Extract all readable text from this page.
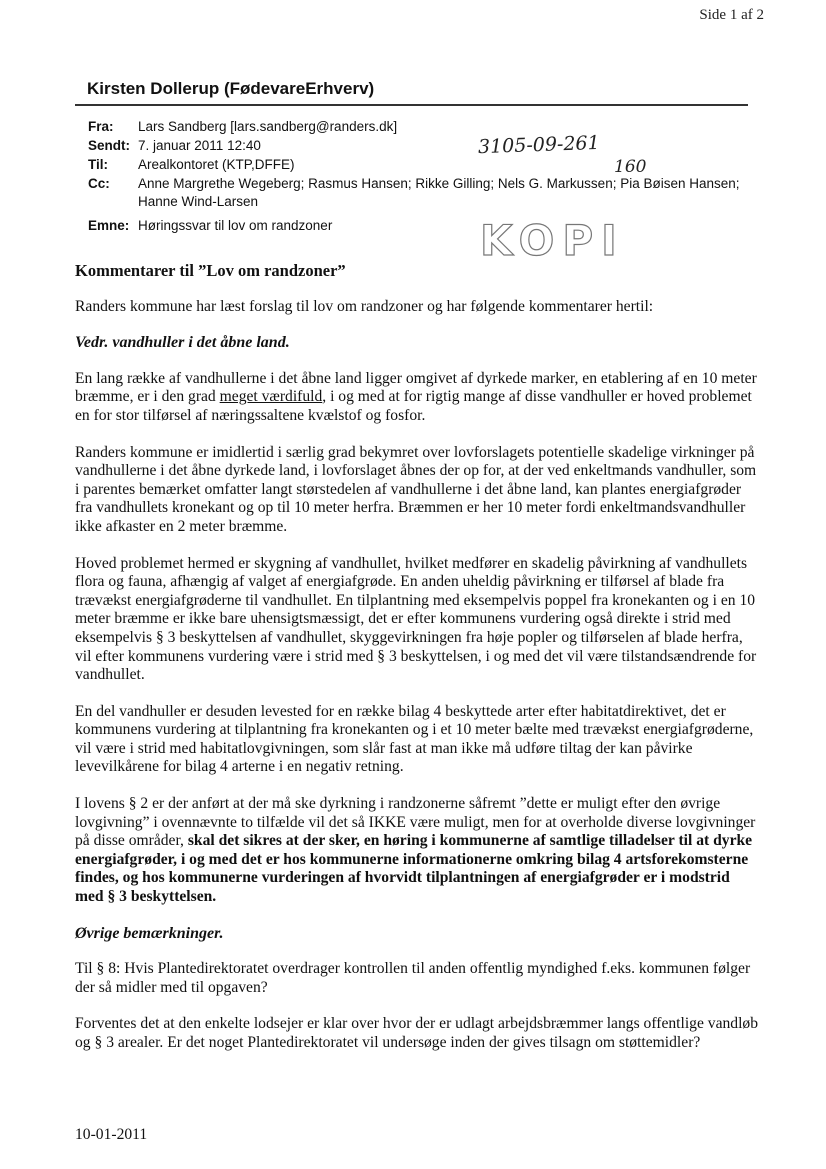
Side 1 af 2
Kirsten Dollerup (FødevareErhverv)
Fra:	Lars Sandberg [lars.sandberg@randers.dk]
Sendt: 7. januar 2011 12:40
Til:	Arealkontoret (KTP,DFFE)
Cc:	Anne Margrethe Wegeberg; Rasmus Hansen; Rikke Gilling; Nels G. Markussen; Pia Bøisen Hansen; Hanne Wind-Larsen
Emne: Høringssvar til lov om randzoner
3105-09-261
160
KOPI
Kommentarer til ”Lov om randzoner”

Randers kommune har læst forslag til lov om randzoner og har følgende kommentarer hertil:

Vedr. vandhuller i det åbne land.

En lang række af vandhullerne i det åbne land ligger omgivet af dyrkede marker, en etablering af en 10 meter bræmme, er i den grad meget værdifuld, i og med at for rigtig mange af disse vandhuller er hoved problemet en for stor tilførsel af næringssaltene kvælstof og fosfor.

Randers kommune er imidlertid i særlig grad bekymret over lovforslagets potentielle skadelige virkninger på vandhullerne i det åbne dyrkede land, i lovforslaget åbnes der op for, at der ved enkeltmands vandhuller, som i parentes bemærket omfatter langt størstedelen af vandhullerne i det åbne land, kan plantes energiafgrøder fra vandhullets kronekant og op til 10 meter herfra. Bræmmen er her 10 meter fordi enkeltmandsvandhuller ikke afkaster en 2 meter bræmme.

Hoved problemet hermed er skygning af vandhullet, hvilket medfører en skadelig påvirkning af vandhullets flora og fauna, afhængig af valget af energiafgrøde. En anden uheldig påvirkning er tilførsel af blade fra trævækst energiafgrøderne til vandhullet. En tilplantning med eksempelvis poppel fra kronekanten og i en 10 meter bræmme er ikke bare uhensigtsmæssigt, det er efter kommunens vurdering også direkte i strid med eksempelvis § 3 beskyttelsen af vandhullet, skyggevirkningen fra høje popler og tilførselen af blade herfra, vil efter kommunens vurdering være i strid med § 3 beskyttelsen, i og med det vil være tilstandsændrende for vandhullet.

En del vandhuller er desuden levested for en række bilag 4 beskyttede arter efter habitatdirektivet, det er kommunens vurdering at tilplantning fra kronekanten og i et 10 meter bælte med trævækst energiafgrøderne, vil være i strid med habitatlovgivningen, som slår fast at man ikke må udføre tiltag der kan påvirke levevilkårene for bilag 4 arterne i en negativ retning.

I lovens § 2 er der anført at der må ske dyrkning i randzonerne såfremt ”dette er muligt efter den øvrige lovgivning” i ovennævnte to tilfælde vil det så IKKE være muligt, men for at overholde diverse lovgivninger på disse områder, skal det sikres at der sker, en høring i kommunerne af samtlige tilladelser til at dyrke energiafgrøder, i og med det er hos kommunerne informationerne omkring bilag 4 artsforekomsterne findes, og hos kommunerne vurderingen af hvorvidt tilplantningen af energiafgrøder er i modstrid med § 3 beskyttelsen.

Øvrige bemærkninger.

Til § 8: Hvis Plantedirektoratet overdrager kontrollen til anden offentlig myndighed f.eks. kommunen følger der så midler med til opgaven?

Forventes det at den enkelte lodsejer er klar over hvor der er udlagt arbejdsbræmmer langs offentlige vandløb og § 3 arealer. Er det noget Plantedirektoratet vil undersøge inden der gives tilsagn om støttemidler?

10-01-2011
